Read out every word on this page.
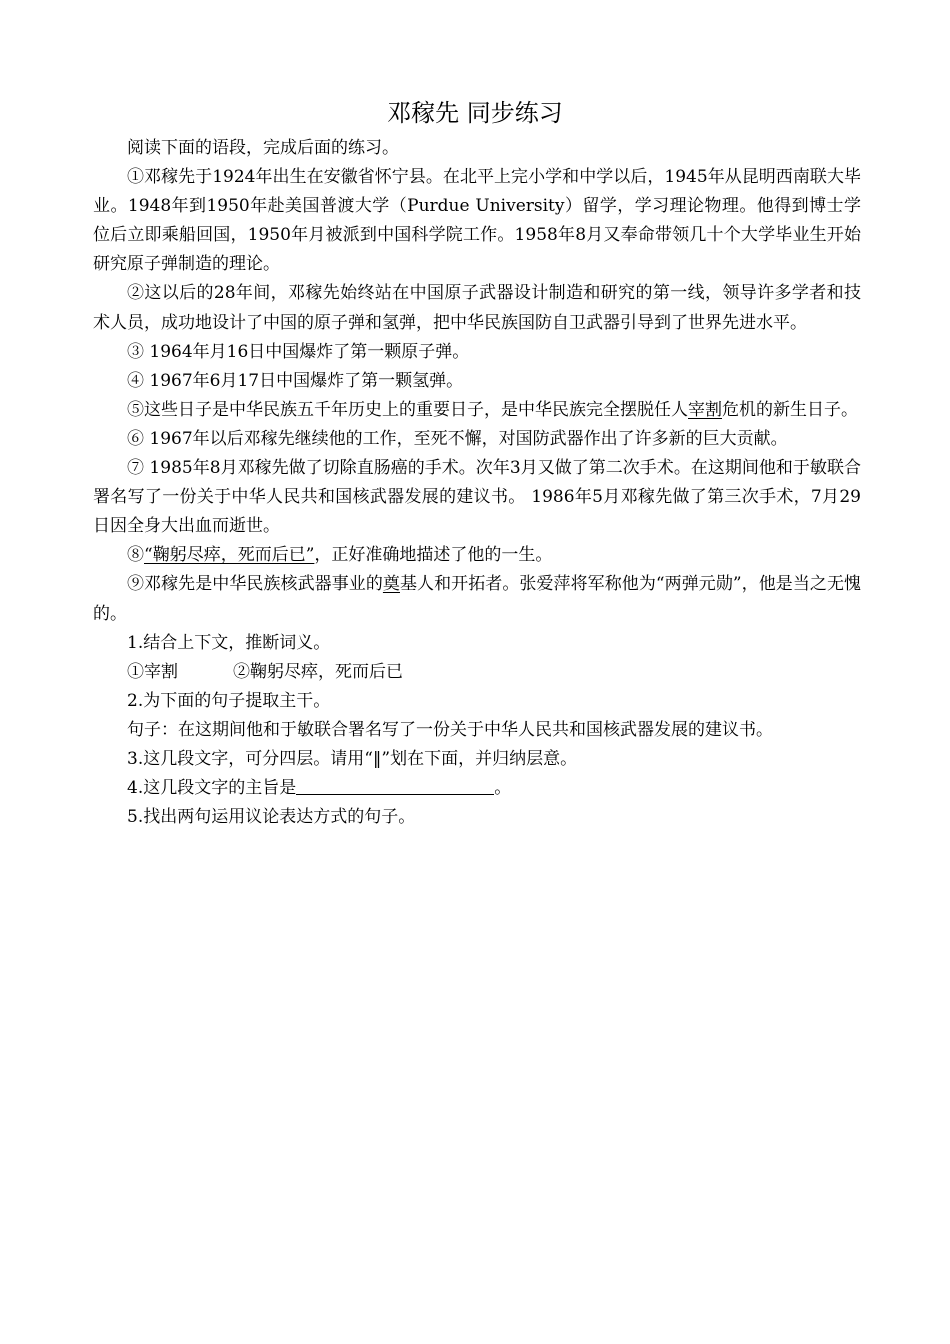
邓稼先 同步练习

阅读下面的语段，完成后面的练习。

①邓稼先于1924年出生在安徽省怀宁县。在北平上完小学和中学以后，1945年从昆明西南联大毕业。1948年到1950年赴美国普渡大学（Purdue University）留学，学习理论物理。他得到博士学位后立即乘船回国，1950年月被派到中国科学院工作。1958年8月又奉命带领几十个大学毕业生开始研究原子弹制造的理论。

②这以后的28年间，邓稼先始终站在中国原子武器设计制造和研究的第一线，领导许多学者和技术人员，成功地设计了中国的原子弹和氢弹，把中华民族国防自卫武器引导到了世界先进水平。

③ 1964年月16日中国爆炸了第一颗原子弹。

④ 1967年6月17日中国爆炸了第一颗氢弹。

⑤这些日子是中华民族五千年历史上的重要日子，是中华民族完全摆脱任人宰割危机的新生日子。

⑥ 1967年以后邓稼先继续他的工作，至死不懈，对国防武器作出了许多新的巨大贡献。

⑦ 1985年8月邓稼先做了切除直肠癌的手术。次年3月又做了第二次手术。在这期间他和于敏联合署名写了一份关于中华人民共和国核武器发展的建议书。 1986年5月邓稼先做了第三次手术，7月29日因全身大出血而逝世。

⑧“鞠躬尽瘁，死而后已”，正好准确地描述了他的一生。

⑨邓稼先是中华民族核武器事业的奠基人和开拓者。张爱萍将军称他为“两弹元勋”，他是当之无愧的。

1.结合上下文，推断词义。

①宰割	②鞠躬尽瘁，死而后已

2.为下面的句子提取主干。

句子：在这期间他和于敏联合署名写了一份关于中华人民共和国核武器发展的建议书。

3.这几段文字，可分四层。请用“‖”划在下面，并归纳层意。

4.这几段文字的主旨是	。

5.找出两句运用议论表达方式的句子。
